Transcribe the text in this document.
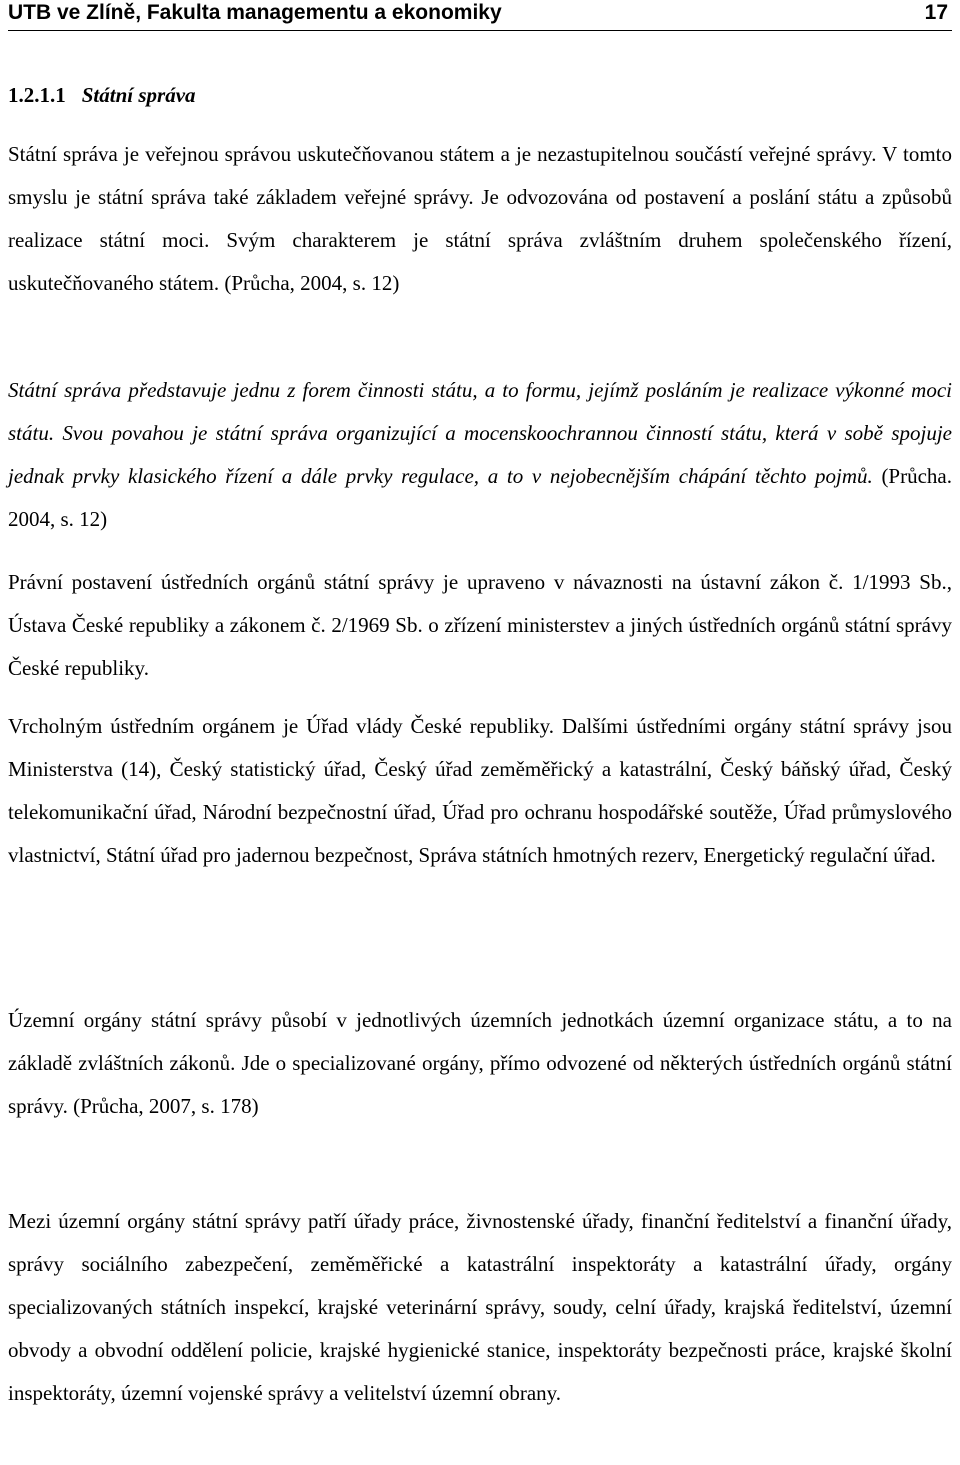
UTB ve Zlíně, Fakulta managementu a ekonomiky	17
1.2.1.1 Státní správa

Státní správa je veřejnou správou uskutečňovanou státem a je nezastupitelnou součástí veřejné správy. V tomto smyslu je státní správa také základem veřejné správy. Je odvozována od postavení a poslání státu a způsobů realizace státní moci. Svým charakterem je státní správa zvláštním druhem společenského řízení, uskutečňovaného státem. (Průcha, 2004, s. 12)

Státní správa představuje jednu z forem činnosti státu, a to formu, jejímž posláním je realizace výkonné moci státu. Svou povahou je státní správa organizující a mocenskoochrannou činností státu, která v sobě spojuje jednak prvky klasického řízení a dále prvky regulace, a to v nejobecnějším chápání těchto pojmů. (Průcha. 2004, s. 12)

Právní postavení ústředních orgánů státní správy je upraveno v návaznosti na ústavní zákon č. 1/1993 Sb., Ústava České republiky a zákonem č. 2/1969 Sb. o zřízení ministerstev a jiných ústředních orgánů státní správy České republiky.

Vrcholným ústředním orgánem je Úřad vlády České republiky. Dalšími ústředními orgány státní správy jsou Ministerstva (14), Český statistický úřad, Český úřad zeměměřický a katastrální, Český báňský úřad, Český telekomunikační úřad, Národní bezpečnostní úřad, Úřad pro ochranu hospodářské soutěže, Úřad průmyslového vlastnictví, Státní úřad pro jadernou bezpečnost, Správa státních hmotných rezerv, Energetický regulační úřad.

Územní orgány státní správy působí v jednotlivých územních jednotkách územní organizace státu, a to na základě zvláštních zákonů. Jde o specializované orgány, přímo odvozené od některých ústředních orgánů státní správy. (Průcha, 2007, s. 178)

Mezi územní orgány státní správy patří úřady práce, živnostenské úřady, finanční ředitelství a finanční úřady, správy sociálního zabezpečení, zeměměřické a katastrální inspektoráty a katastrální úřady, orgány specializovaných státních inspekcí, krajské veterinární správy, soudy, celní úřady, krajská ředitelství, územní obvody a obvodní oddělení policie, krajské hygienické stanice, inspektoráty bezpečnosti práce, krajské školní inspektoráty, územní vojenské správy a velitelství územní obrany.
